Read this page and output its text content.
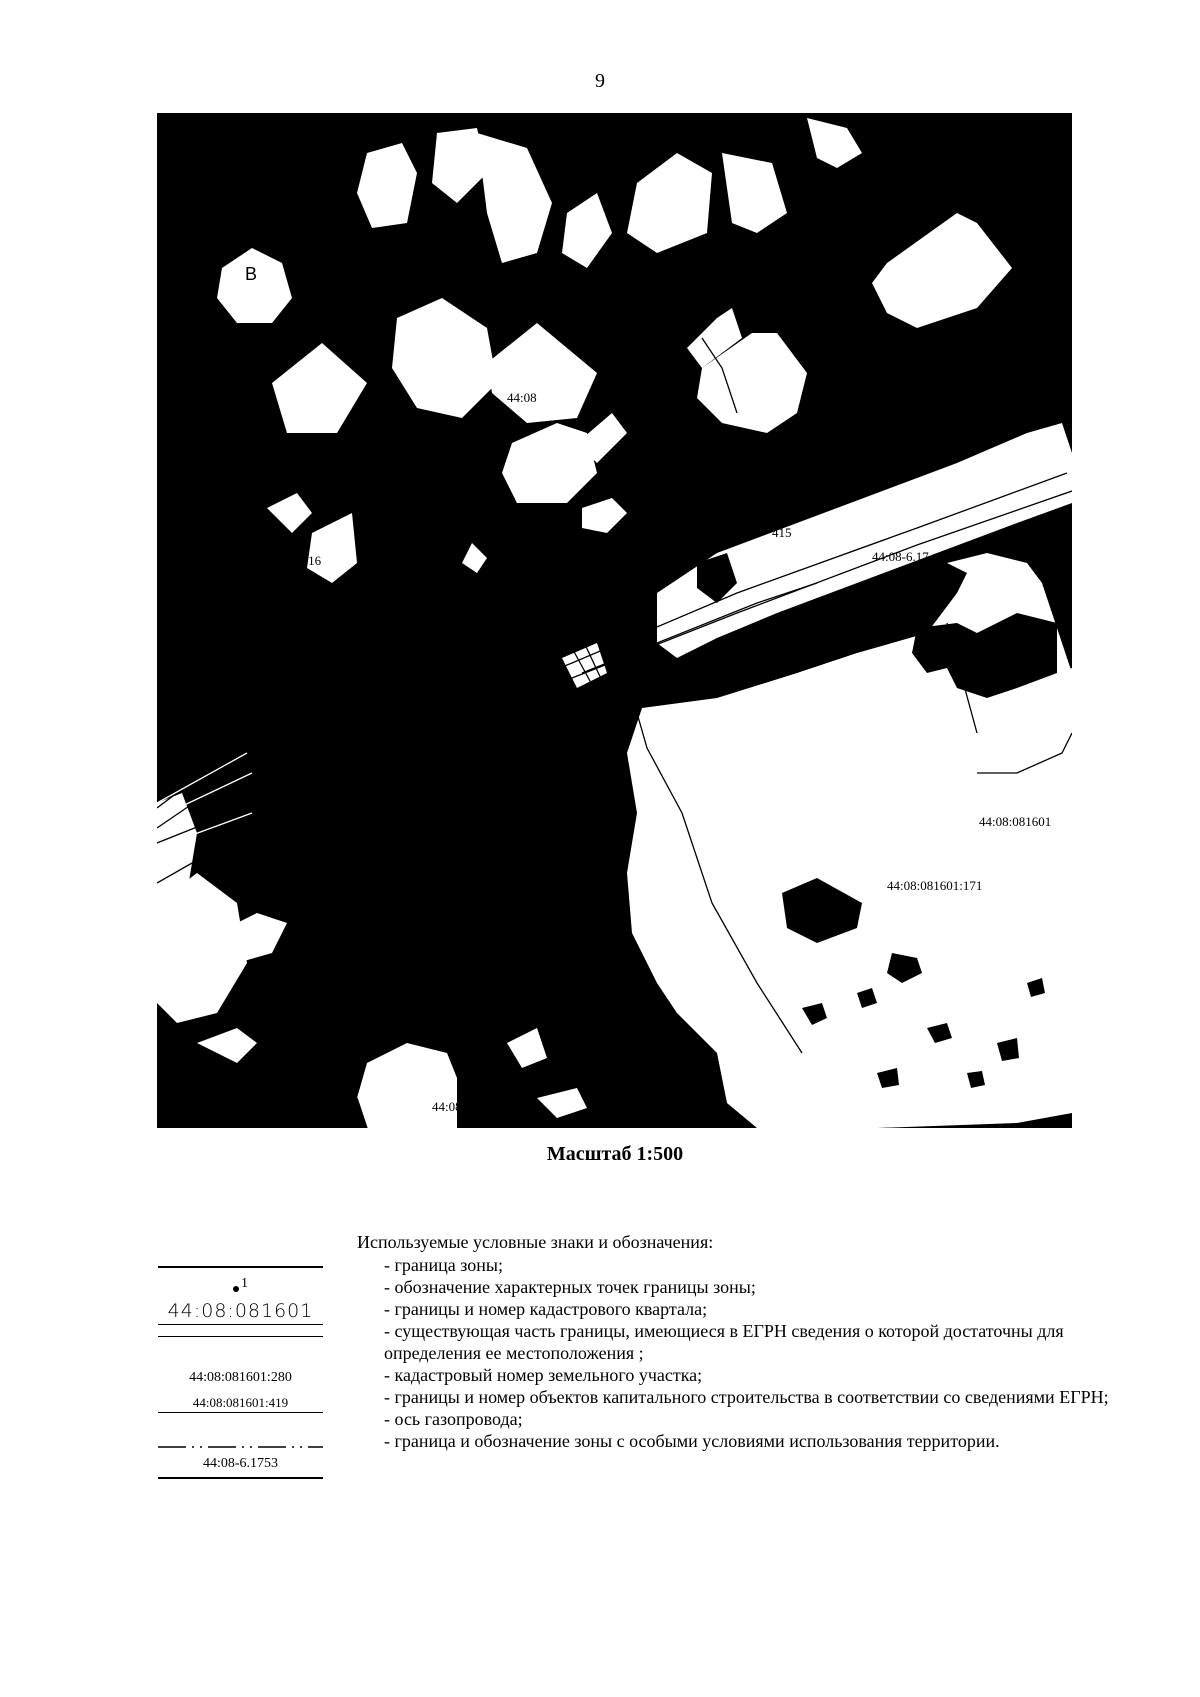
9
В
44:08
8:0816
415
44:08-6.17
44:08:081601
44:08:081601:171
44:08:0816
Масштаб 1:500
1
44:08:081601
44:08:081601:280
44:08:081601:419
44:08-6.1753
Используемые условные знаки и обозначения:
- граница зоны;
- обозначение характерных точек границы зоны;
- границы и номер кадастрового квартала;
- существующая часть границы, имеющиеся в ЕГРН сведения о которой достаточны для определения ее местоположения ;
- кадастровый номер земельного участка;
- границы и номер объектов капитального строительства в соответствии со сведениями ЕГРН;
- ось газопровода;
- граница и обозначение зоны с особыми условиями использования территории.
